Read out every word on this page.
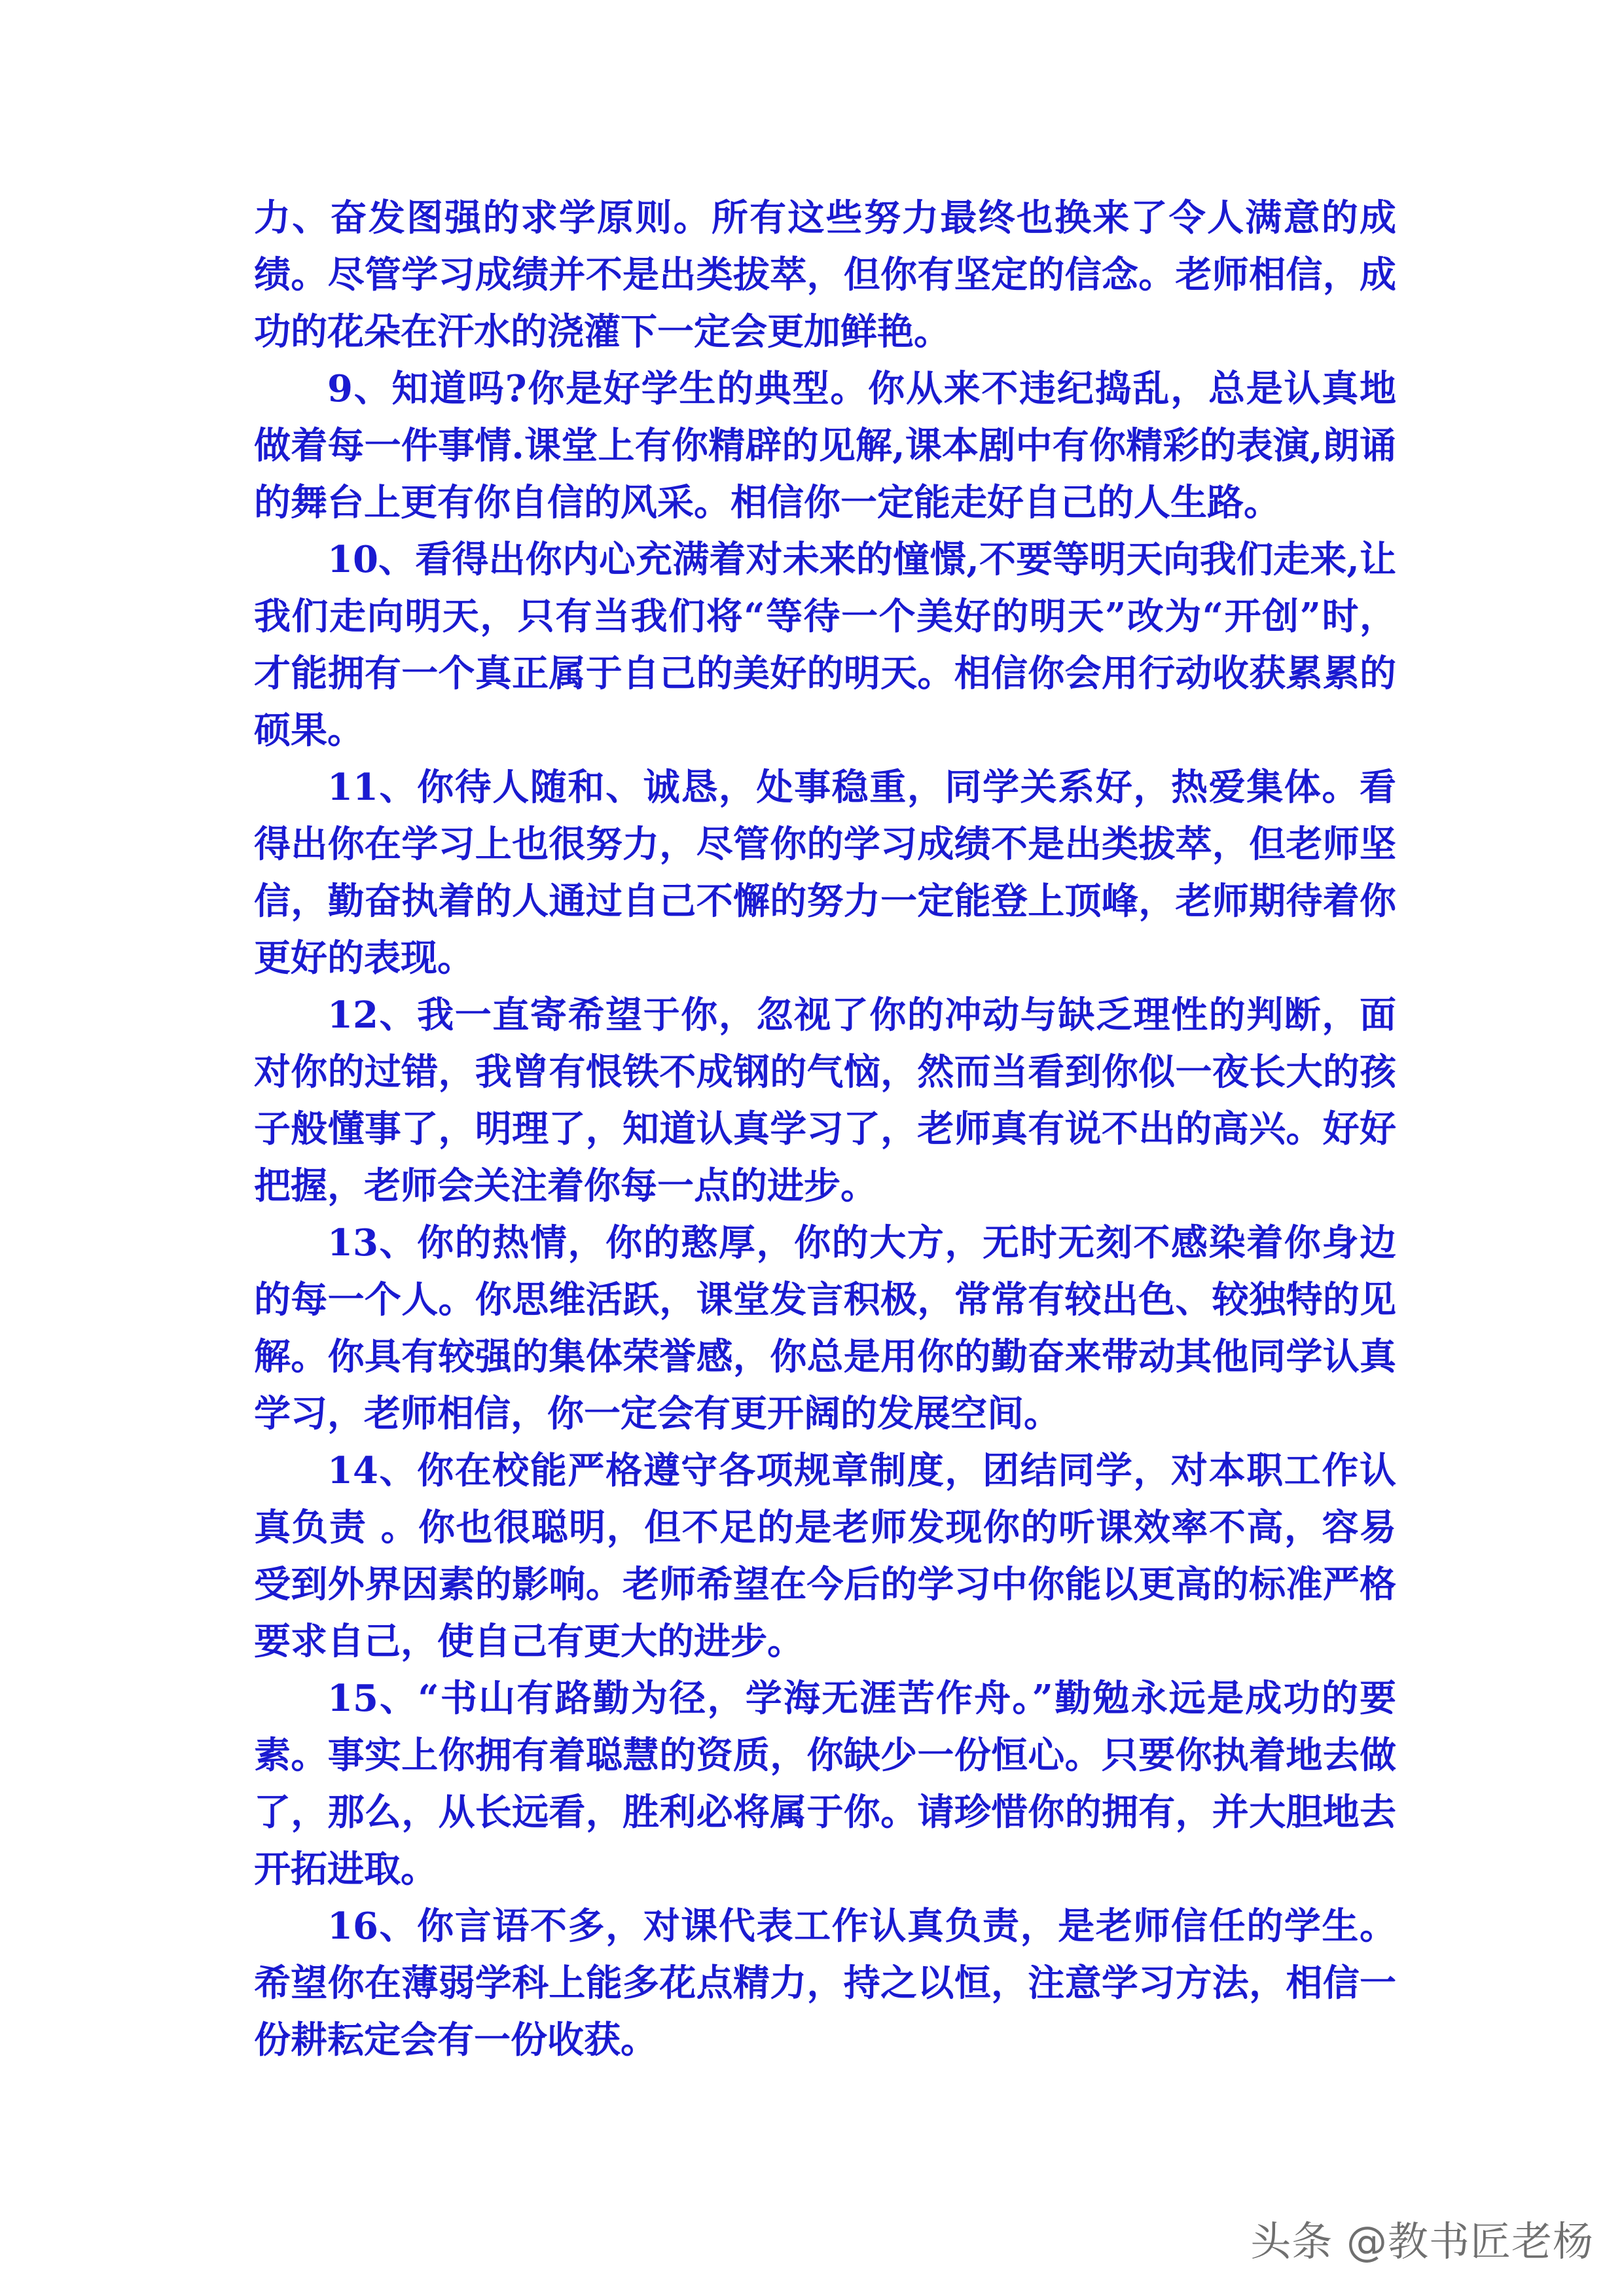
力、奋发图强的求学原则。所有这些努力最终也换来了令人满意的成绩。尽管学习成绩并不是出类拔萃，但你有坚定的信念。老师相信，成功的花朵在汗水的浇灌下一定会更加鲜艳。

9、知道吗?你是好学生的典型。你从来不违纪捣乱，总是认真地做着每一件事情.课堂上有你精辟的见解,课本剧中有你精彩的表演,朗诵的舞台上更有你自信的风采。相信你一定能走好自己的人生路。

10、看得出你内心充满着对未来的憧憬,不要等明天向我们走来,让我们走向明天，只有当我们将“等待一个美好的明天”改为“开创”时，才能拥有一个真正属于自己的美好的明天。相信你会用行动收获累累的硕果。

11、你待人随和、诚恳，处事稳重，同学关系好，热爱集体。看得出你在学习上也很努力，尽管你的学习成绩不是出类拔萃，但老师坚信，勤奋执着的人通过自己不懈的努力一定能登上顶峰，老师期待着你更好的表现。

12、我一直寄希望于你，忽视了你的冲动与缺乏理性的判断，面对你的过错，我曾有恨铁不成钢的气恼，然而当看到你似一夜长大的孩子般懂事了，明理了，知道认真学习了，老师真有说不出的高兴。好好把握，老师会关注着你每一点的进步。

13、你的热情，你的憨厚，你的大方，无时无刻不感染着你身边的每一个人。你思维活跃，课堂发言积极，常常有较出色、较独特的见解。你具有较强的集体荣誉感，你总是用你的勤奋来带动其他同学认真学习，老师相信，你一定会有更开阔的发展空间。

14、你在校能严格遵守各项规章制度，团结同学，对本职工作认真负责 。你也很聪明，但不足的是老师发现你的听课效率不高，容易受到外界因素的影响。老师希望在今后的学习中你能以更高的标准严格要求自己，使自己有更大的进步。

15、“书山有路勤为径，学海无涯苦作舟。”勤勉永远是成功的要素。事实上你拥有着聪慧的资质，你缺少一份恒心。只要你执着地去做了，那么，从长远看，胜利必将属于你。请珍惜你的拥有，并大胆地去开拓进取。

16、你言语不多，对课代表工作认真负责，是老师信任的学生。希望你在薄弱学科上能多花点精力，持之以恒，注意学习方法，相信一份耕耘定会有一份收获。

头条 @教书匠老杨
